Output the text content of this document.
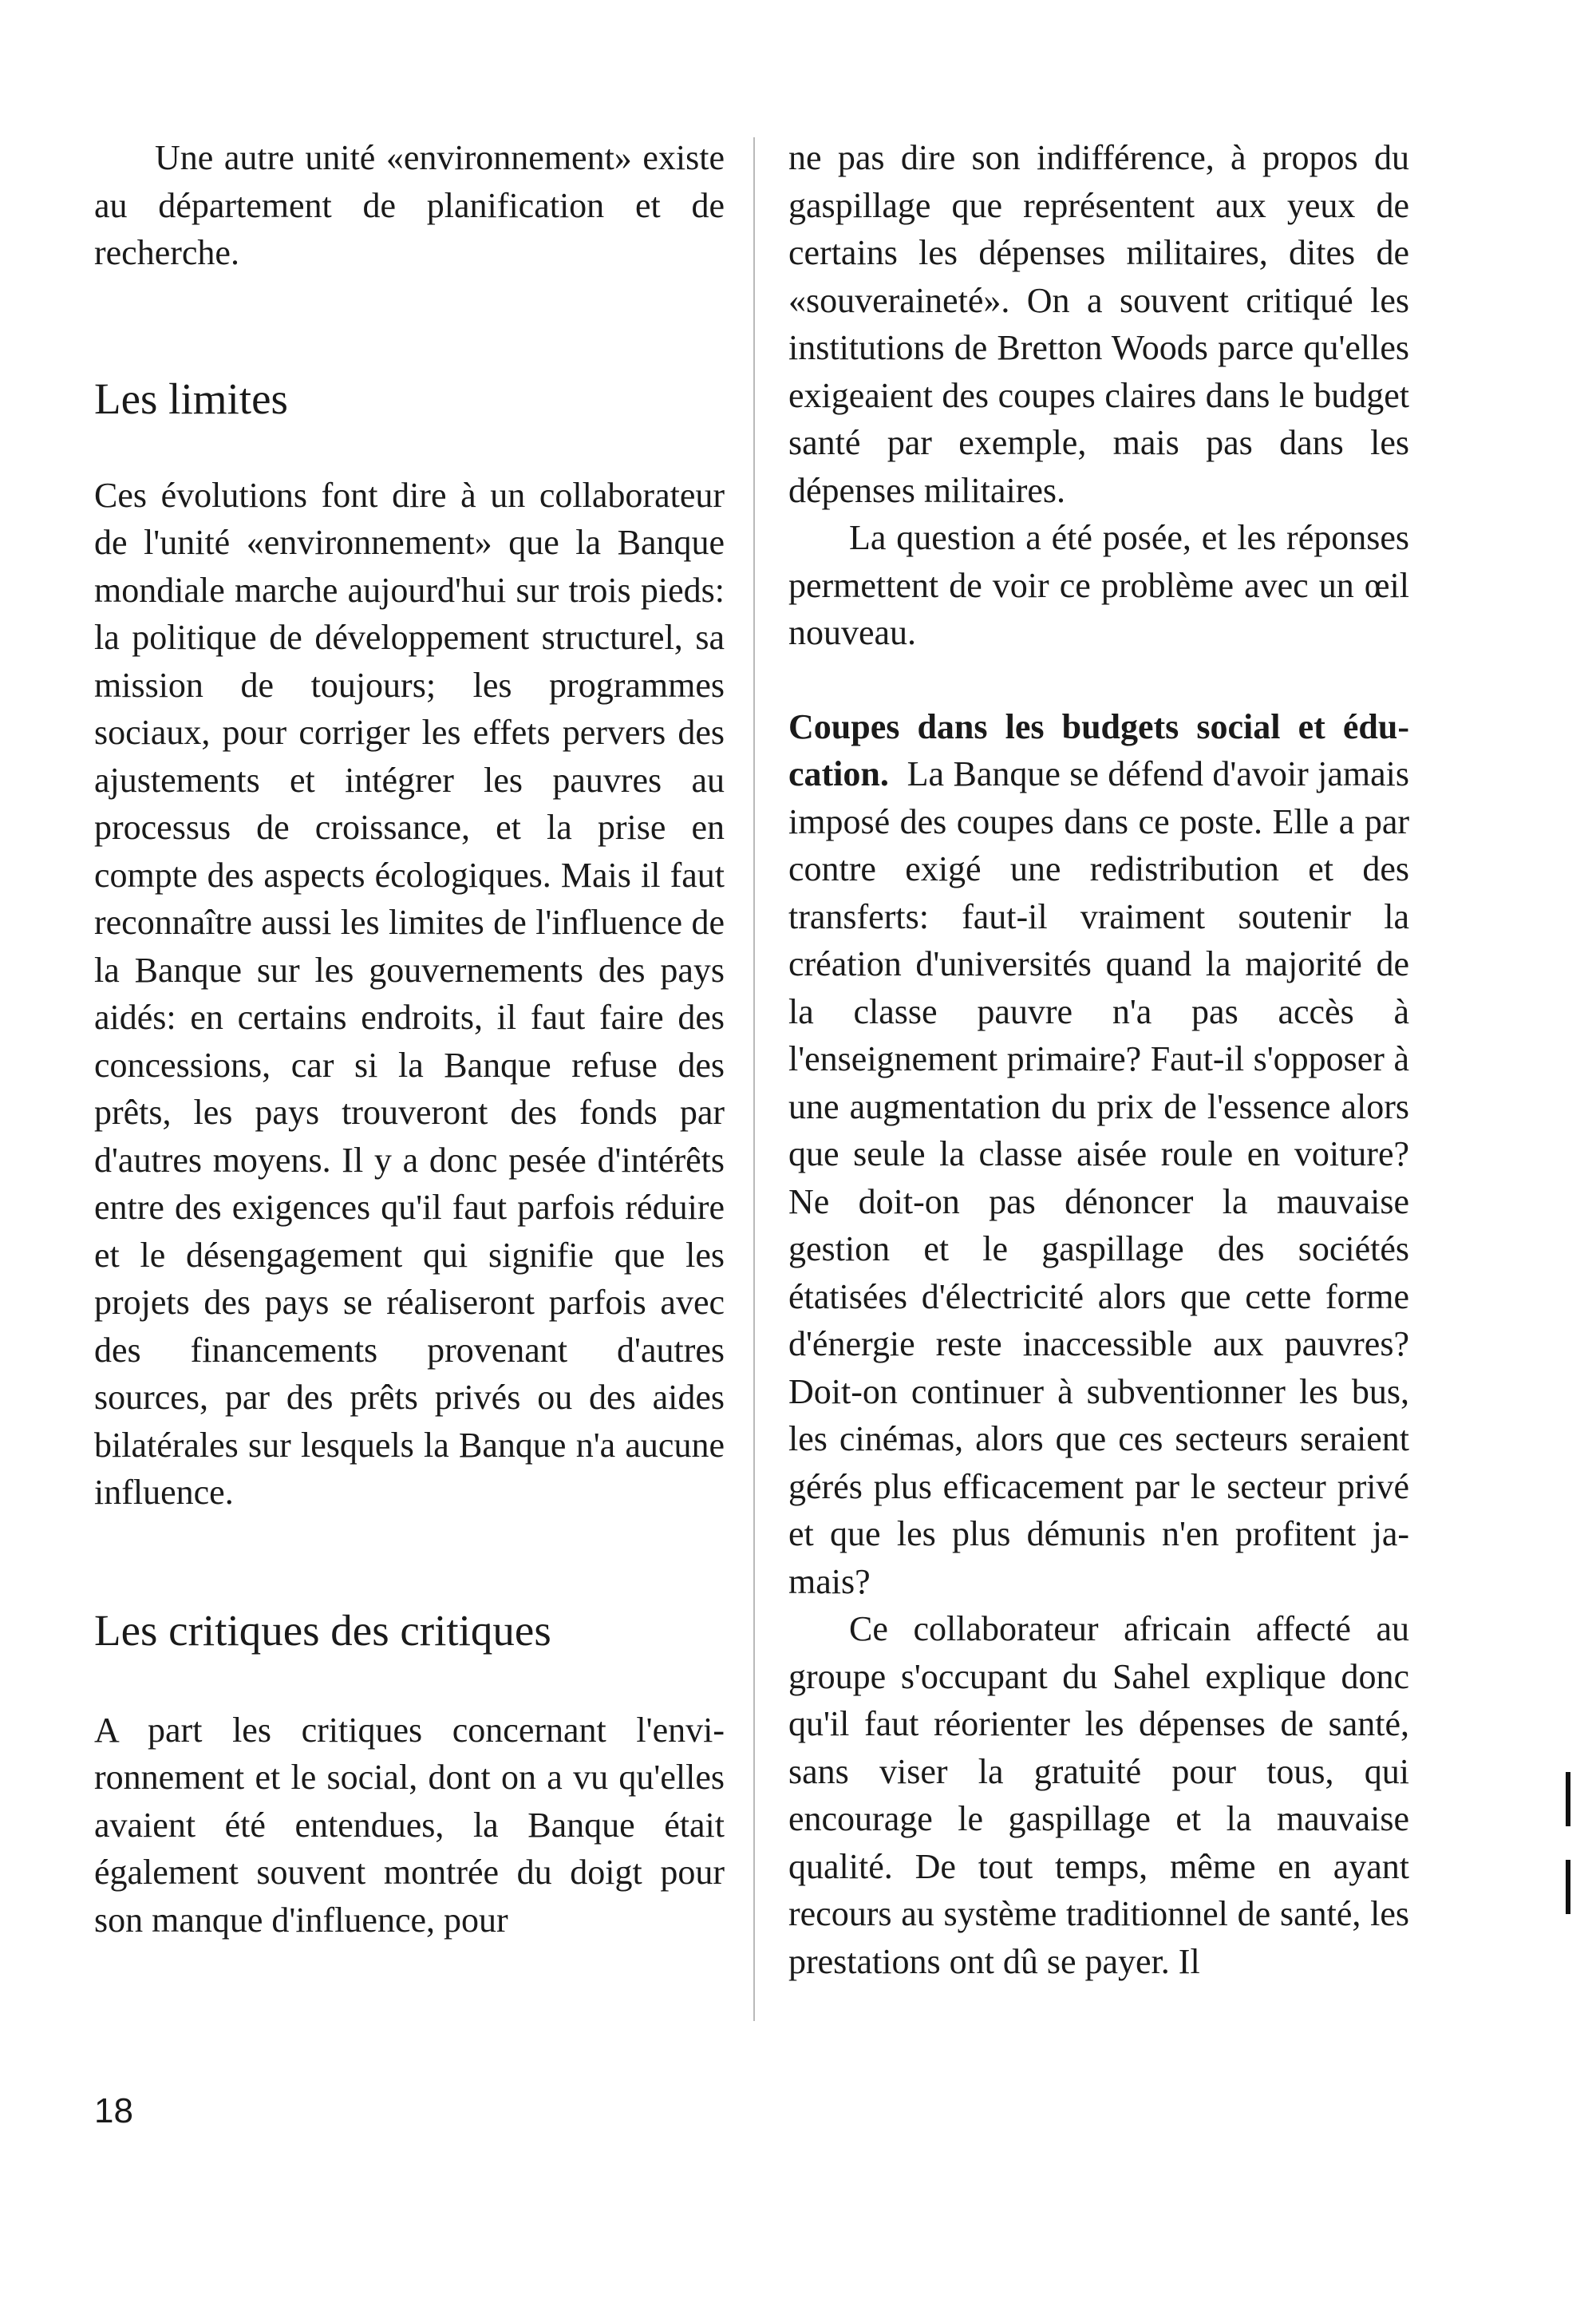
Une autre unité «environnement» existe au département de planification et de recherche.

Les limites

Ces évolutions font dire à un collaborateur de l'unité «environnement» que la Banque mondiale marche aujourd'hui sur trois pieds: la politique de développement structurel, sa mission de toujours; les programmes sociaux, pour corriger les effets pervers des ajustements et intégrer les pauvres au processus de croissance, et la prise en compte des aspects écologiques. Mais il faut reconnaître aussi les limites de l'influence de la Banque sur les gouvernements des pays aidés: en certains endroits, il faut faire des concessions, car si la Banque refuse des prêts, les pays trouveront des fonds par d'autres moyens. Il y a donc pesée d'intérêts entre des exigences qu'il faut parfois réduire et le désengagement qui signifie que les projets des pays se réaliseront parfois avec des financements provenant d'autres sources, par des prêts privés ou des aides bilatérales sur lesquels la Banque n'a aucune influence.

Les critiques des critiques

A part les critiques concernant l'environnement et le social, dont on a vu qu'elles avaient été entendues, la Banque était également souvent montrée du doigt pour son manque d'influence, pour

ne pas dire son indifférence, à propos du gaspillage que représentent aux yeux de certains les dépenses militaires, dites de «souveraineté». On a souvent critiqué les institutions de Bretton Woods parce qu'elles exigeaient des coupes claires dans le budget santé par exemple, mais pas dans les dépenses militaires.

La question a été posée, et les réponses permettent de voir ce problème avec un œil nouveau.

Coupes dans les budgets social et éducation. La Banque se défend d'avoir jamais imposé des coupes dans ce poste. Elle a par contre exigé une redistribution et des transferts: faut-il vraiment soutenir la création d'universités quand la majorité de la classe pauvre n'a pas accès à l'enseignement primaire? Faut-il s'opposer à une augmentation du prix de l'essence alors que seule la classe aisée roule en voiture? Ne doit-on pas dénoncer la mauvaise gestion et le gaspillage des sociétés étatisées d'électricité alors que cette forme d'énergie reste inaccessible aux pauvres? Doit-on continuer à subventionner les bus, les cinémas, alors que ces secteurs seraient gérés plus efficacement par le secteur privé et que les plus démunis n'en profitent jamais?

Ce collaborateur africain affecté au groupe s'occupant du Sahel explique donc qu'il faut réorienter les dépenses de santé, sans viser la gratuité pour tous, qui encourage le gaspillage et la mauvaise qualité. De tout temps, même en ayant recours au système traditionnel de santé, les prestations ont dû se payer. Il

18
